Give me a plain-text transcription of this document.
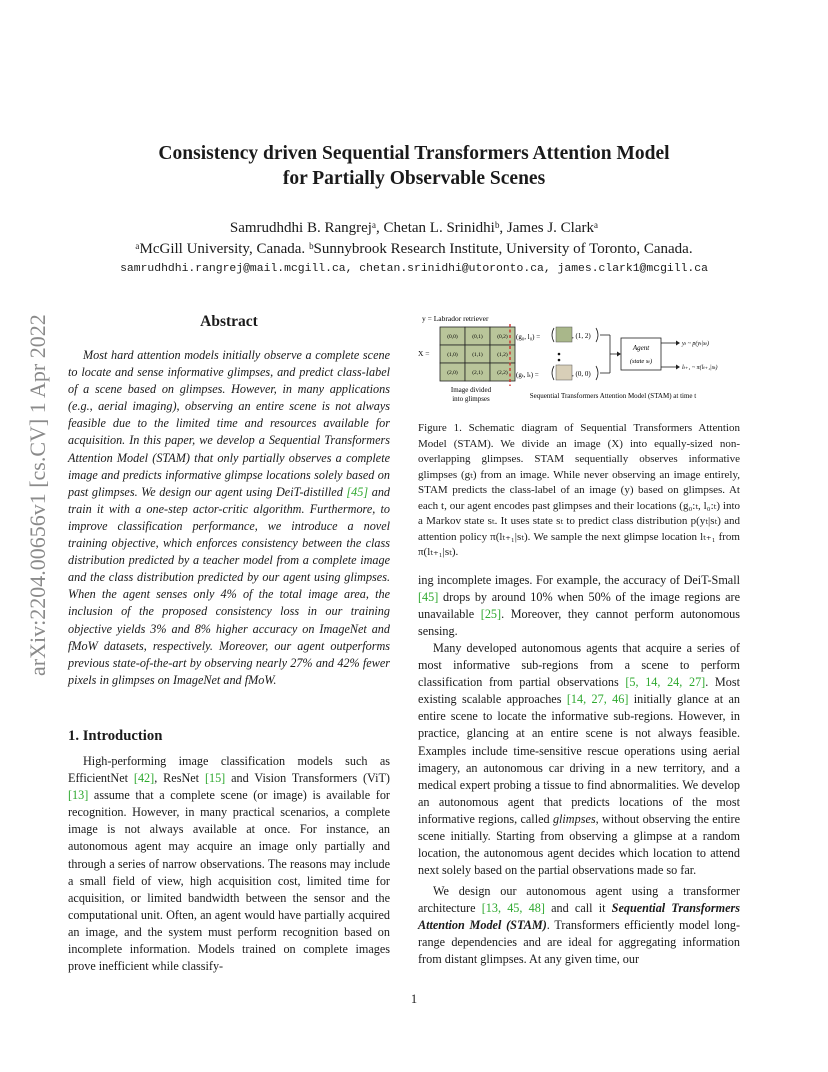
Consistency driven Sequential Transformers Attention Model
for Partially Observable Scenes
Samrudhdhi B. Rangrejᵃ, Chetan L. Srinidhiᵇ, James J. Clarkᵃ
ᵃMcGill University, Canada. ᵇSunnybrook Research Institute, University of Toronto, Canada.
samrudhdhi.rangrej@mail.mcgill.ca, chetan.srinidhi@utoronto.ca, james.clark1@mcgill.ca
arXiv:2204.00656v1 [cs.CV] 1 Apr 2022	Abstract
Most hard attention models initially observe a complete scene to locate and sense informative glimpses, and predict class-label of a scene based on glimpses. However, in many applications (e.g., aerial imaging), observing an entire scene is not always feasible due to the limited time and resources available for acquisition. In this paper, we develop a Sequential Transformers Attention Model (STAM) that only partially observes a complete image and predicts informative glimpse locations solely based on past glimpses. We design our agent using DeiT-distilled [45] and train it with a one-step actor-critic algorithm. Furthermore, to improve classification performance, we introduce a novel training objective, which enforces consistency between the class distribution predicted by a teacher model from a complete image and the class distribution predicted by our agent using glimpses. When the agent senses only 4% of the total image area, the inclusion of the proposed consistency loss in our training objective yields 3% and 8% higher accuracy on ImageNet and fMoW datasets, respectively. Moreover, our agent outperforms previous state-of-the-art by observing nearly 27% and 42% fewer pixels in glimpses on ImageNet and fMoW.
1. Introduction
High-performing image classification models such as EfficientNet [42], ResNet [15] and Vision Transformers (ViT) [13] assume that a complete scene (or image) is available for recognition. However, in many practical scenarios, a complete image is not always available at once. For instance, an autonomous agent may acquire an image only partially and through a series of narrow observations. The reasons may include a small field of view, high acquisition cost, limited time for acquisition, or limited bandwidth between the sensor and the computational unit. Often, an agent would have partially acquired an image, and the system must perform recognition based on incomplete information. Models trained on complete images prove inefficient while classify-
y = Labrador retriever
X =
(0,0)	(0,1)	(0,2)
(1,0)	(1,1)	(1,2)
(2,0)	(2,1)	(2,2)
Image divided
into glimpses
(g₀, l₀) =	, (1, 2)
(gₜ, lₜ) =	, (0, 0)
Agent
(state sₜ)
yₜ ~ p(yₜ|sₜ)
lₜ₊₁ ~ π(lₜ₊₁|sₜ)
Sequential Transformers Attention Model (STAM) at time t
Figure 1. Schematic diagram of Sequential Transformers Attention Model (STAM). We divide an image (X) into equally-sized non-overlapping glimpses. STAM sequentially observes informative glimpses (gₜ) from an image. While never observing an image entirely, STAM predicts the class-label of an image (y) based on glimpses. At each t, our agent encodes past glimpses and their locations (g₀:ₜ, l₀:ₜ) into a Markov state sₜ. It uses state sₜ to predict class distribution p(yₜ|sₜ) and attention policy π(lₜ₊₁|sₜ). We sample the next glimpse location lₜ₊₁ from π(lₜ₊₁|sₜ).
ing incomplete images. For example, the accuracy of DeiT-Small [45] drops by around 10% when 50% of the image regions are unavailable [25]. Moreover, they cannot perform autonomous sensing.
Many developed autonomous agents that acquire a series of most informative sub-regions from a scene to perform classification from partial observations [5, 14, 24, 27]. Most existing scalable approaches [14, 27, 46] initially glance at an entire scene to locate the informative sub-regions. However, in practice, glancing at an entire scene is not always feasible. Examples include time-sensitive rescue operations using aerial imagery, an autonomous car driving in a new territory, and a medical expert probing a tissue to find abnormalities. We develop an autonomous agent that predicts locations of the most informative regions, called glimpses, without observing the entire scene initially. Starting from observing a glimpse at a random location, the autonomous agent decides which location to attend next solely based on the partial observations made so far.
We design our autonomous agent using a transformer architecture [13, 45, 48] and call it Sequential Transformers Attention Model (STAM). Transformers efficiently model long-range dependencies and are ideal for aggregating information from distant glimpses. At any given time, our
1
